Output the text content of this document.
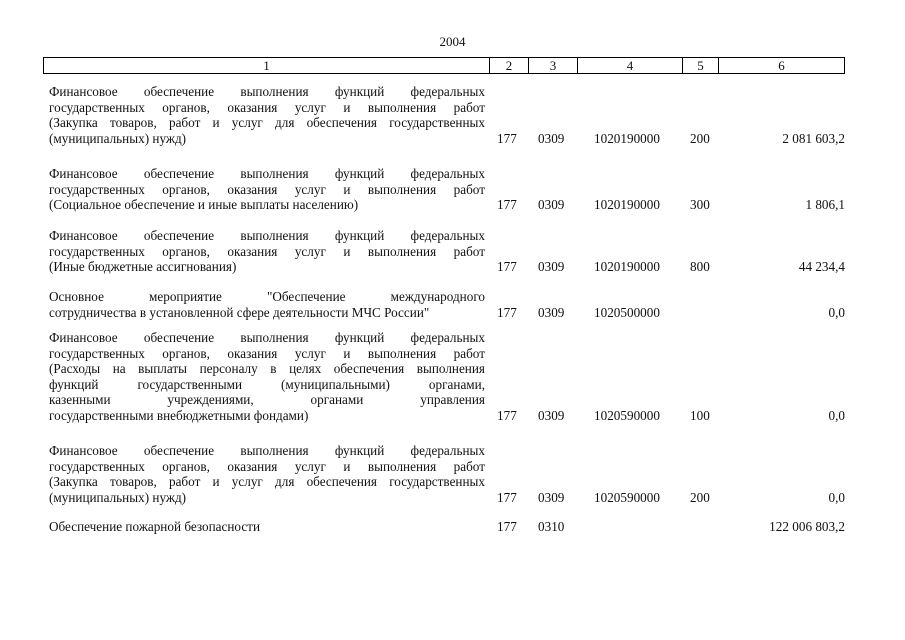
2004
1	2	3	4	5	6
Финансовое обеспечение выполнения функций федеральных
государственных органов, оказания услуг и выполнения работ
(Закупка товаров, работ и услуг для обеспечения государственных
(муниципальных) нужд)	177 0309 1020190000 200	2 081 603,2
Финансовое обеспечение выполнения функций федеральных
государственных органов, оказания услуг и выполнения работ
(Социальное обеспечение и иные выплаты населению)	177 0309 1020190000 300	1 806,1
Финансовое обеспечение выполнения функций федеральных
государственных органов, оказания услуг и выполнения работ
(Иные бюджетные ассигнования)	177 0309 1020190000 800	44 234,4
Основное мероприятие "Обеспечение международного
сотрудничества в установленной сфере деятельности МЧС России"	177 0309 1020500000	0,0
Финансовое обеспечение выполнения функций федеральных
государственных органов, оказания услуг и выполнения работ
(Расходы на выплаты персоналу в целях обеспечения выполнения
функций государственными (муниципальными) органами,
казенными учреждениями, органами управления
государственными внебюджетными фондами)	177 0309 1020590000 100	0,0
Финансовое обеспечение выполнения функций федеральных
государственных органов, оказания услуг и выполнения работ
(Закупка товаров, работ и услуг для обеспечения государственных
(муниципальных) нужд)	177 0309 1020590000 200	0,0
Обеспечение пожарной безопасности	177 0310	122 006 803,2
